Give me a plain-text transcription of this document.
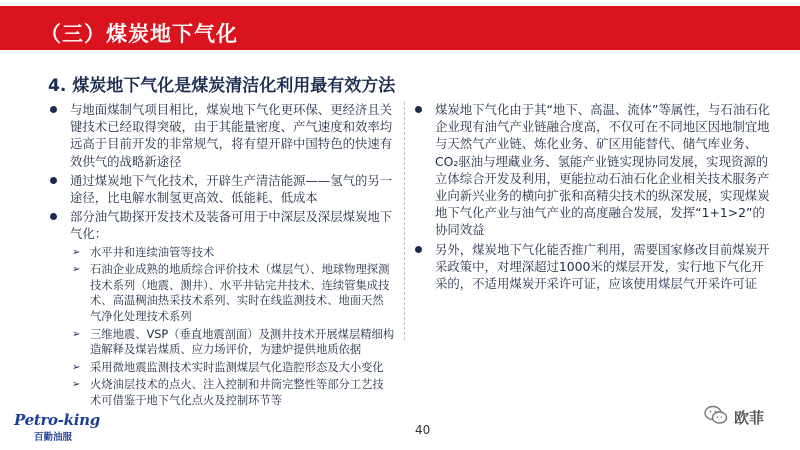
（三）煤炭地下气化
4. 煤炭地下气化是煤炭清洁化利用最有效方法
与地面煤制气项目相比，煤炭地下气化更环保、更经济且关键技术已经取得突破，由于其能量密度、产气速度和效率均远高于目前开发的非常规气，将有望开辟中国特色的快速有效供气的战略新途径
通过煤炭地下气化技术，开辟生产清洁能源——氢气的另一途径，比电解水制氢更高效、低能耗、低成本
部分油气勘探开发技术及装备可用于中深层及深层煤炭地下气化：
➢ 水平井和连续油管等技术
➢ 石油企业成熟的地质综合评价技术（煤层气）、地球物理探测技术系列（地震、测井）、水平井钻完井技术、连续管集成技术、高温稠油热采技术系列、实时在线监测技术、地面天然气净化处理技术系列
➢ 三维地震、VSP（垂直地震剖面）及测井技术开展煤层精细构造解释及煤岩煤质、应力场评价，为建炉提供地质依据
➢ 采用微地震监测技术实时监测煤层气化造腔形态及大小变化
➢ 火烧油层技术的点火、注入控制和井筒完整性等部分工艺技术可借鉴于地下气化点火及控制环节等
煤炭地下气化由于其“地下、高温、流体”等属性，与石油石化企业现有油气产业链融合度高，不仅可在不同地区因地制宜地与天然气产业链、炼化业务、矿区用能替代、储气库业务、CO₂驱油与埋藏业务、氢能产业链实现协同发展，实现资源的立体综合开发及利用，更能拉动石油石化企业相关技术服务产业向新兴业务的横向扩张和高精尖技术的纵深发展，实现煤炭地下气化产业与油气产业的高度融合发展，发挥“1+1>2”的协同效益
另外，煤炭地下气化能否推广利用，需要国家修改目前煤炭开采政策中，对埋深超过1000米的煤层开发，实行地下气化开采的，不适用煤炭开采许可证，应该使用煤层气开采许可证
Petro-king
百勤油服
40
欧菲
